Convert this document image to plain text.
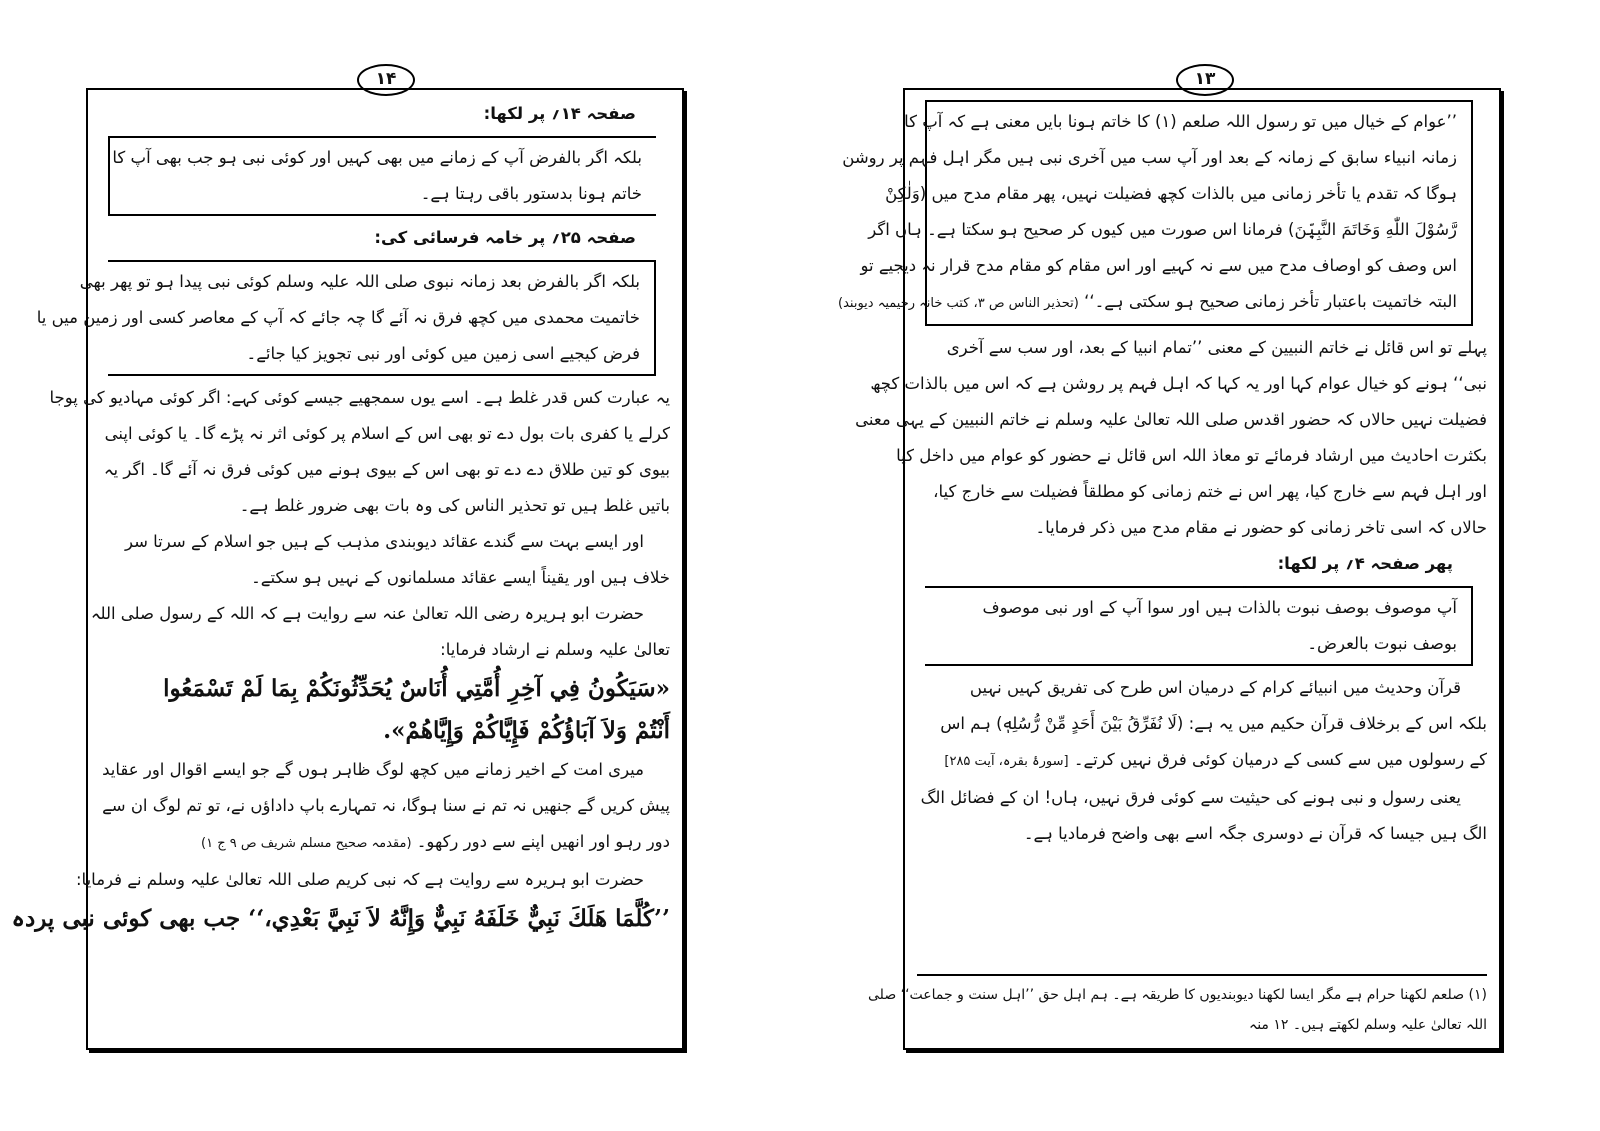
۱۴
صفحہ ۱۴؍ پر لکھا:
بلکہ اگر بالفرض آپ کے زمانے میں بھی کہیں اور کوئی نبی ہو جب بھی آپ کا
خاتم ہونا بدستور باقی رہتا ہے۔
صفحہ ۲۵؍ پر خامہ فرسائی کی:
بلکہ اگر بالفرض بعد زمانہ نبوی صلی اللہ علیہ وسلم کوئی نبی پیدا ہو تو پھر بھی
خاتمیت محمدی میں کچھ فرق نہ آئے گا چہ جائے کہ آپ کے معاصر کسی اور زمین میں یا
فرض کیجیے اسی زمین میں کوئی اور نبی تجویز کیا جائے۔
یہ عبارت کس قدر غلط ہے۔ اسے یوں سمجھیے جیسے کوئی کہے: اگر کوئی مہادیو کی پوجا
کرلے یا کفری بات بول دے تو بھی اس کے اسلام پر کوئی اثر نہ پڑے گا۔ یا کوئی اپنی
بیوی کو تین طلاق دے دے تو بھی اس کے بیوی ہونے میں کوئی فرق نہ آئے گا۔ اگر یہ
باتیں غلط ہیں تو تحذیر الناس کی وہ بات بھی ضرور غلط ہے۔
اور ایسے بہت سے گندے عقائد دیوبندی مذہب کے ہیں جو اسلام کے سرتا سر
خلاف ہیں اور یقیناً ایسے عقائد مسلمانوں کے نہیں ہو سکتے۔
حضرت ابو ہریرہ رضی اللہ تعالیٰ عنہ سے روایت ہے کہ اللہ کے رسول صلی اللہ
تعالیٰ علیہ وسلم نے ارشاد فرمایا:
«سَيَكُونُ فِي آخِرِ أُمَّتِي أُنَاسٌ يُحَدِّثُونَكُمْ بِمَا لَمْ تَسْمَعُوا
أَنْتُمْ وَلاَ آبَاؤُكُمْ فَإِيَّاكُمْ وَإِيَّاهُمْ».
میری امت کے اخیر زمانے میں کچھ لوگ ظاہر ہوں گے جو ایسے اقوال اور عقاید
پیش کریں گے جنھیں نہ تم نے سنا ہوگا، نہ تمہارے باپ داداؤں نے، تو تم لوگ ان سے
دور رہو اور انھیں اپنے سے دور رکھو۔ (مقدمہ صحیح مسلم شریف ص ۹ ج ۱)
حضرت ابو ہریرہ سے روایت ہے کہ نبی کریم صلی اللہ تعالیٰ علیہ وسلم نے فرمایا:
’’كُلَّمَا هَلَكَ نَبِيٌّ خَلَفَهُ نَبِيٌّ وَإِنَّهُ لاَ نَبِيَّ بَعْدِي،‘‘ جب بھی کوئی نبی پردہ
۱۳
’’عوام کے خیال میں تو رسول اللہ صلعم (۱) کا خاتم ہونا بایں معنی ہے کہ آپ کا
زمانہ انبیاء سابق کے زمانہ کے بعد اور آپ سب میں آخری نبی ہیں مگر اہل فہم پر روشن
ہوگا کہ تقدم یا تأخر زمانی میں بالذات کچھ فضیلت نہیں، پھر مقام مدح میں (وَلٰكِنْ
رَّسُوْلَ اللّٰهِ وَخَاتَمَ النَّبِيّٖنَ) فرمانا اس صورت میں کیوں کر صحیح ہو سکتا ہے۔ ہاں اگر
اس وصف کو اوصاف مدح میں سے نہ کہیے اور اس مقام کو مقام مدح قرار نہ دیجیے تو
البتہ خاتمیت باعتبار تأخر زمانی صحیح ہو سکتی ہے۔‘‘ (تحذیر الناس ص ۳، کتب خانہ رحیمیہ دیوبند)
پہلے تو اس قائل نے خاتم النبیین کے معنی ’’تمام انبیا کے بعد، اور سب سے آخری
نبی‘‘ ہونے کو خیال عوام کہا اور یہ کہا کہ اہل فہم پر روشن ہے کہ اس میں بالذات کچھ
فضیلت نہیں حالاں کہ حضور اقدس صلی اللہ تعالیٰ علیہ وسلم نے خاتم النبیین کے یہی معنی
بکثرت احادیث میں ارشاد فرمائے تو معاذ اللہ اس قائل نے حضور کو عوام میں داخل کیا
اور اہل فہم سے خارج کیا، پھر اس نے ختم زمانی کو مطلقاً فضیلت سے خارج کیا،
حالاں کہ اسی تاخر زمانی کو حضور نے مقام مدح میں ذکر فرمایا۔
پھر صفحہ ۴؍ پر لکھا:
آپ موصوف بوصف نبوت بالذات ہیں اور سوا آپ کے اور نبی موصوف
بوصف نبوت بالعرض۔
قرآن وحدیث میں انبیائے کرام کے درمیان اس طرح کی تفریق کہیں نہیں
بلکہ اس کے برخلاف قرآن حکیم میں یہ ہے: (لَا نُفَرِّقُ بَيْنَ أَحَدٍ مِّنْ رُّسُلِهٖ) ہم اس
کے رسولوں میں سے کسی کے درمیان کوئی فرق نہیں کرتے۔ [سورۂ بقرہ، آیت ۲۸۵]
یعنی رسول و نبی ہونے کی حیثیت سے کوئی فرق نہیں، ہاں! ان کے فضائل الگ
الگ ہیں جیسا کہ قرآن نے دوسری جگہ اسے بھی واضح فرمادیا ہے۔
(۱) صلعم لکھنا حرام ہے مگر ایسا لکھنا دیوبندیوں کا طریقہ ہے۔ ہم اہل حق ’’اہل سنت و جماعت‘‘ صلی
اللہ تعالیٰ علیہ وسلم لکھتے ہیں۔ ۱۲ منہ
